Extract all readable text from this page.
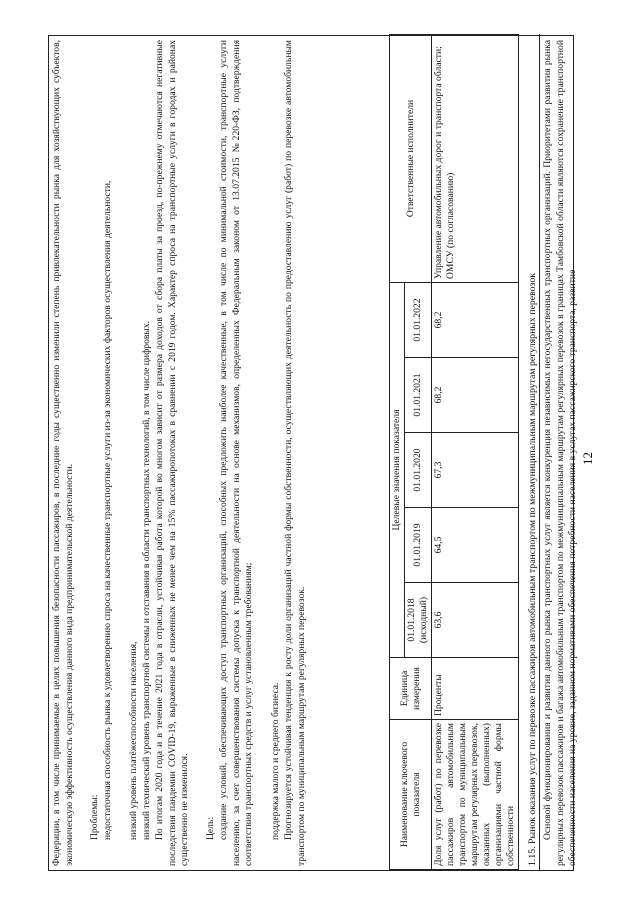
Федерации, в том числе принимаемые в целях повышения безопасности пассажиров, в последние годы существенно изменили степень привлекательности рынка для хозяйствующих субъектов, экономическую эффективность осуществления данного вида предпринимательской деятельности. Проблемы: недостаточная способность рынка к удовлетворению спроса на качественные транспортные услуги из-за экономических факторов осуществления деятельности, низкий уровень платёжеспособности населения, низкий технический уровень транспортной системы и отставания в области транспортных технологий, в том числе цифровых. По итогам 2020 года и в течение 2021 года в отрасли, устойчивая работа которой во многом зависит от размера доходов от сбора платы за проезд, по-прежнему отмечаются негативные последствия пандемии COVID-19, выраженные в сниженных не менее чем на 15% пассажиропотоках в сравнении с 2019 годом. Характер спроса на транспортные услуги в городах и районах существенно не изменился. Цель: создание условий, обеспечивающих доступ транспортных организаций, способных предложить наиболее качественные, в том числе по минимальной стоимости, транспортные услуги населению, за счет совершенствования системы допуска к транспортной деятельности на основе механизмов, определенных Федеральным законом от 13.07.2015 №220-ФЗ, подтверждения соответствия транспортных средств и услуг установленным требованиям; поддержка малого и среднего бизнеса. Прогнозируется устойчивая тенденция к росту доли организаций частной формы собственности, осуществляющих деятельность по предоставлению услуг (работ) по перевозке автомобильным транспортом по муниципальным маршрутам регулярных перевозок.	Наименование ключевого показателя	Единица измерения	Целевые значения показателя					Ответственные исполнители
		01.01.2018 (исходный)	01.01.2019	01.01.2020	01.01.2021	01.01.2022	
Доля услуг (работ) по перевозке пассажиров автомобильным транспортом по муниципальным маршрутам регулярных перевозок, оказанных (выполненных) организациями частной формы собственности	Проценты	63,6	64,5	67,3	68,2	68,2	Управление автомобильных дорог и транспорта области; ОМСУ (по согласованию)
1.15. Рынок оказания услуг по перевозке пассажиров автомобильным транспортом по межмуниципальным маршрутам регулярных перевозок Основой функционирования и развития данного рынка транспортных услуг является конкуренция независимых негосударственных транспортных организаций. Приоритетами развития рынка регулярных перевозок пассажиров и багажа автомобильным транспортом по межмуниципальным маршрутам регулярных перевозок в границах Тамбовской области являются сохранение транспортной обеспеченности населения на уровне, заданном нормативами обеспечения потребности населения в услугах пассажирского транспорта, развитие 12
